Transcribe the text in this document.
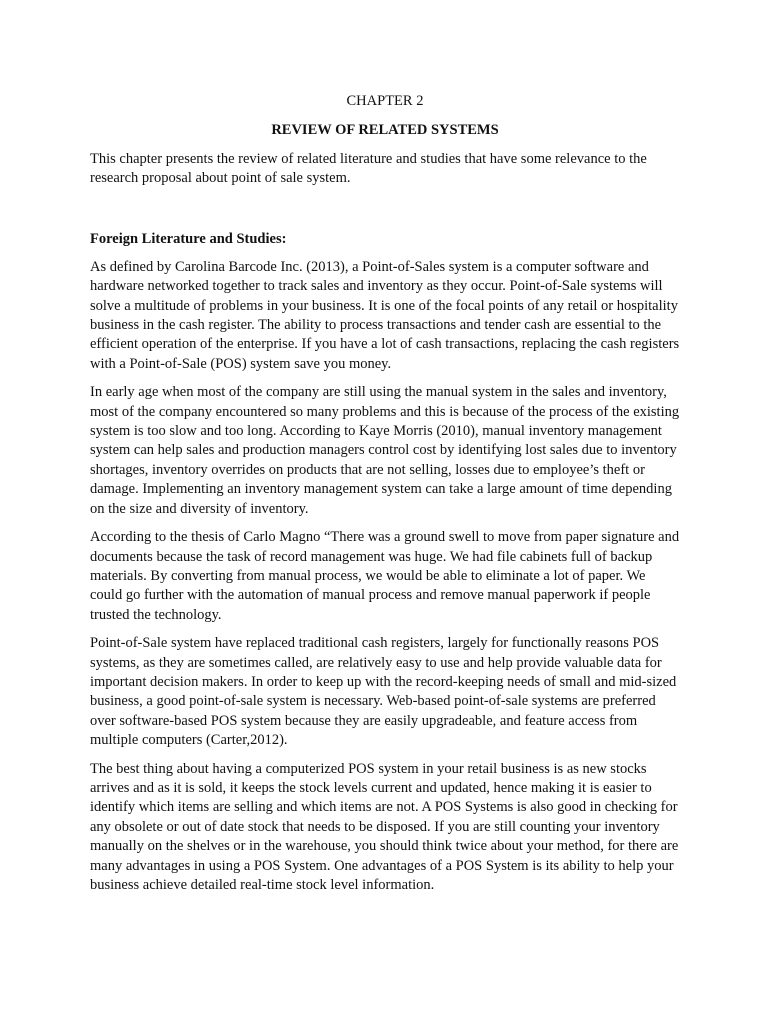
CHAPTER 2
REVIEW OF RELATED SYSTEMS

This chapter presents the review of related literature and studies that have some relevance to the research proposal about point of sale system.

Foreign Literature and Studies:

As defined by Carolina Barcode Inc. (2013), a Point-of-Sales system is a computer software and hardware networked together to track sales and inventory as they occur. Point-of-Sale systems will solve a multitude of problems in your business. It is one of the focal points of any retail or hospitality business in the cash register. The ability to process transactions and tender cash are essential to the efficient operation of the enterprise. If you have a lot of cash transactions, replacing the cash registers with a Point-of-Sale (POS) system save you money.

In early age when most of the company are still using the manual system in the sales and inventory, most of the company encountered so many problems and this is because of the process of the existing system is too slow and too long. According to Kaye Morris (2010), manual inventory management system can help sales and production managers control cost by identifying lost sales due to inventory shortages, inventory overrides on products that are not selling, losses due to employee’s theft or damage. Implementing an inventory management system can take a large amount of time depending on the size and diversity of inventory.

According to the thesis of Carlo Magno “There was a ground swell to move from paper signature and documents because the task of record management was huge. We had file cabinets full of backup materials. By converting from manual process, we would be able to eliminate a lot of paper. We could go further with the automation of manual process and remove manual paperwork if people trusted the technology.

Point-of-Sale system have replaced traditional cash registers, largely for functionally reasons POS systems, as they are sometimes called, are relatively easy to use and help provide valuable data for important decision makers. In order to keep up with the record-keeping needs of small and mid-sized business, a good point-of-sale system is necessary. Web-based point-of-sale systems are preferred over software-based POS system because they are easily upgradeable, and feature access from multiple computers (Carter,2012).

The best thing about having a computerized POS system in your retail business is as new stocks arrives and as it is sold, it keeps the stock levels current and updated, hence making it is easier to identify which items are selling and which items are not. A POS Systems is also good in checking for any obsolete or out of date stock that needs to be disposed. If you are still counting your inventory manually on the shelves or in the warehouse, you should think twice about your method, for there are many advantages in using a POS System. One advantages of a POS System is its ability to help your business achieve detailed real-time stock level information.
